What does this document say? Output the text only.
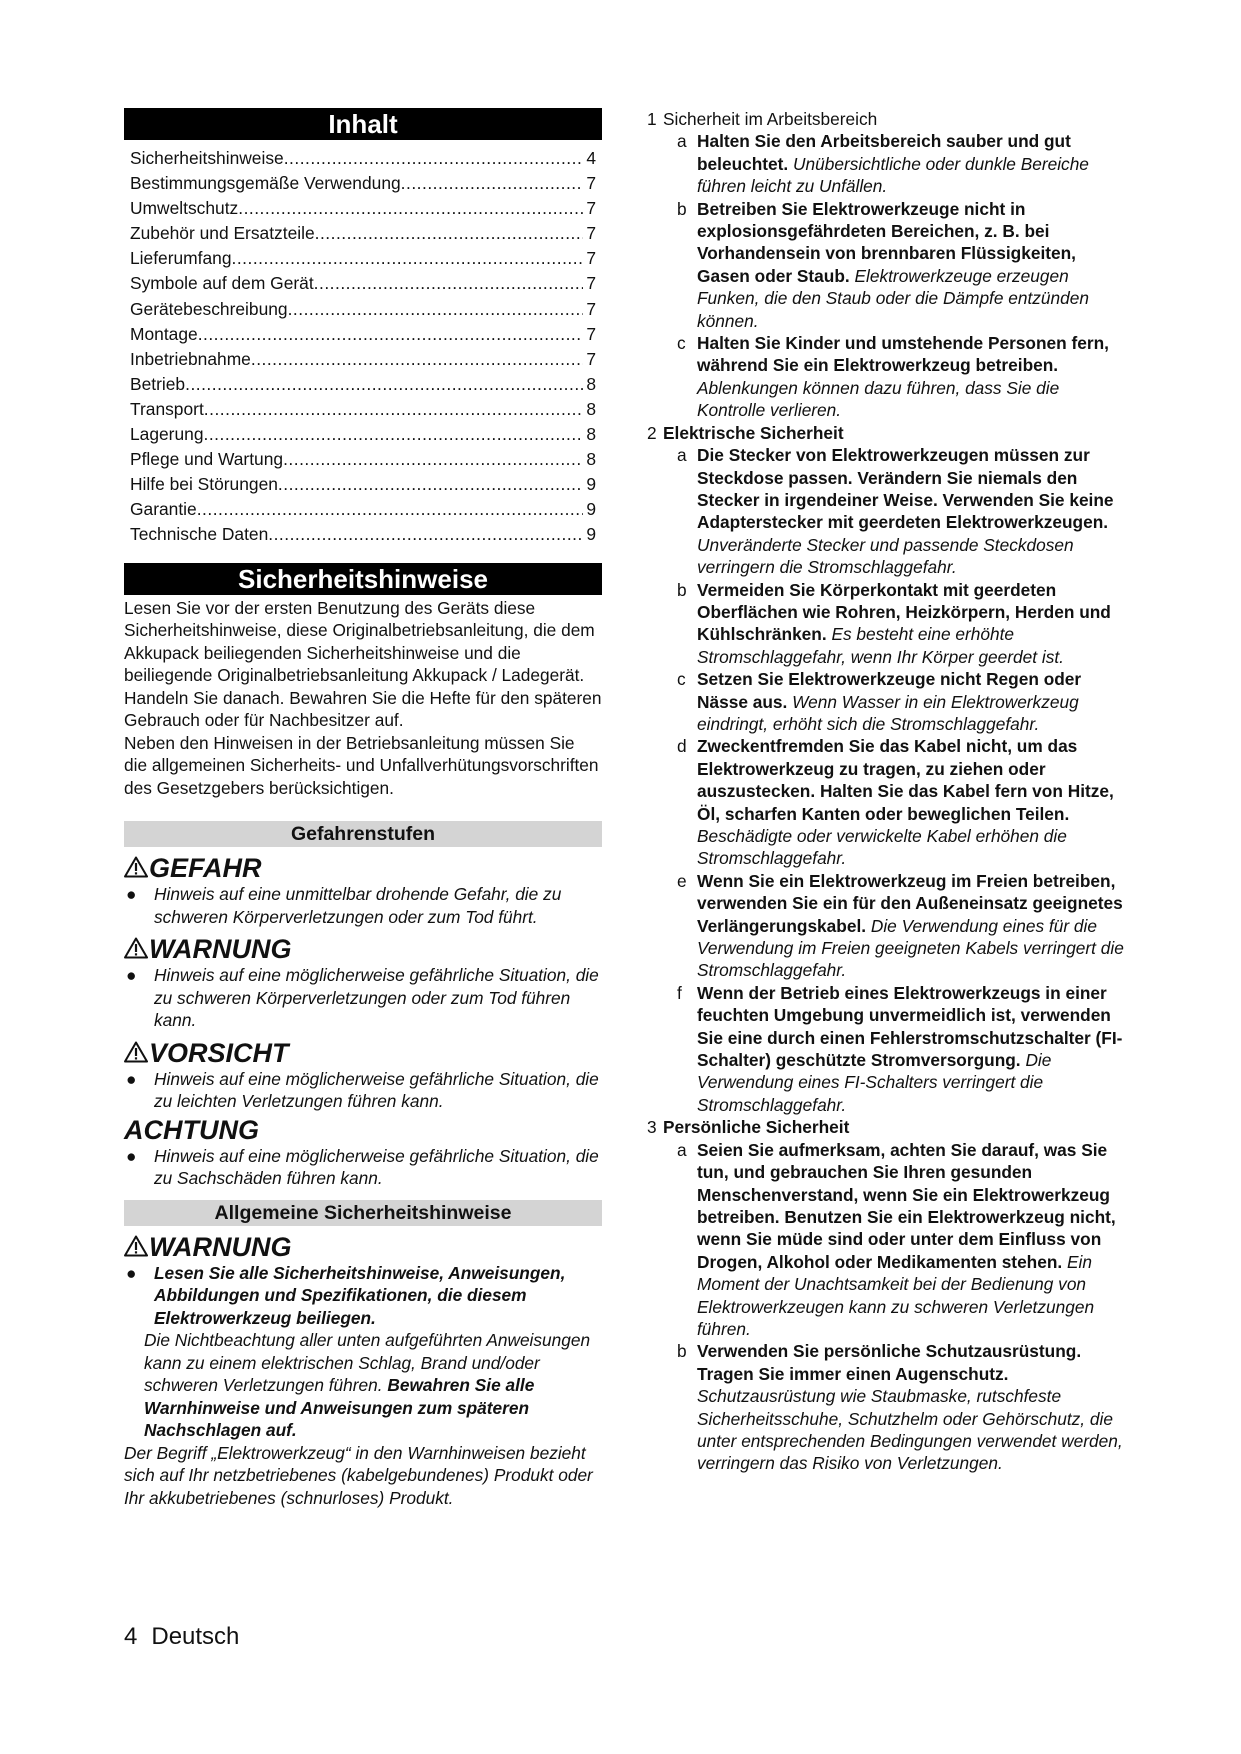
Inhalt
Sicherheitshinweise .....	4
Bestimmungsgemäße Verwendung .....	7
Umweltschutz .....	7
Zubehör und Ersatzteile .....	7
Lieferumfang .....	7
Symbole auf dem Gerät .....	7
Gerätebeschreibung .....	7
Montage .....	7
Inbetriebnahme .....	7
Betrieb .....	8
Transport .....	8
Lagerung .....	8
Pflege und Wartung .....	8
Hilfe bei Störungen .....	9
Garantie .....	9
Technische Daten .....	9
Sicherheitshinweise

Lesen Sie vor der ersten Benutzung des Geräts diese Sicherheitshinweise, diese Originalbetriebsanleitung, die dem Akkupack beiliegenden Sicherheitshinweise und die beiliegende Originalbetriebsanleitung Akkupack / Ladegerät. Handeln Sie danach. Bewahren Sie die Hefte für den späteren Gebrauch oder für Nachbesitzer auf.

Neben den Hinweisen in der Betriebsanleitung müssen Sie die allgemeinen Sicherheits- und Unfallverhütungsvorschriften des Gesetzgebers berücksichtigen.

Gefahrenstufen
GEFAHR
● Hinweis auf eine unmittelbar drohende Gefahr, die zu schweren Körperverletzungen oder zum Tod führt.
WARNUNG
● Hinweis auf eine möglicherweise gefährliche Situation, die zu schweren Körperverletzungen oder zum Tod führen kann.
VORSICHT
● Hinweis auf eine möglicherweise gefährliche Situation, die zu leichten Verletzungen führen kann.
ACHTUNG
● Hinweis auf eine möglicherweise gefährliche Situation, die zu Sachschäden führen kann.
Allgemeine Sicherheitshinweise
WARNUNG
● Lesen Sie alle Sicherheitshinweise, Anweisungen, Abbildungen und Spezifikationen, die diesem Elektrowerkzeug beiliegen.

Die Nichtbeachtung aller unten aufgeführten Anweisungen kann zu einem elektrischen Schlag, Brand und/oder schweren Verletzungen führen. Bewahren Sie alle Warnhinweise und Anweisungen zum späteren Nachschlagen auf.
Der Begriff „Elektrowerkzeug“ in den Warnhinweisen bezieht sich auf Ihr netzbetriebenes (kabelgebundenes) Produkt oder Ihr akkubetriebenes (schnurloses) Produkt.
1 Sicherheit im Arbeitsbereich
a Halten Sie den Arbeitsbereich sauber und gut beleuchtet. Unübersichtliche oder dunkle Bereiche führen leicht zu Unfällen.
b Betreiben Sie Elektrowerkzeuge nicht in explosionsgefährdeten Bereichen, z. B. bei Vorhandensein von brennbaren Flüssigkeiten, Gasen oder Staub. Elektrowerkzeuge erzeugen Funken, die den Staub oder die Dämpfe entzünden können.
c Halten Sie Kinder und umstehende Personen fern, während Sie ein Elektrowerkzeug betreiben. Ablenkungen können dazu führen, dass Sie die Kontrolle verlieren.
2 Elektrische Sicherheit
a Die Stecker von Elektrowerkzeugen müssen zur Steckdose passen. Verändern Sie niemals den Stecker in irgendeiner Weise. Verwenden Sie keine Adapterstecker mit geerdeten Elektrowerkzeugen. Unveränderte Stecker und passende Steckdosen verringern die Stromschlaggefahr.
b Vermeiden Sie Körperkontakt mit geerdeten Oberflächen wie Rohren, Heizkörpern, Herden und Kühlschränken. Es besteht eine erhöhte Stromschlaggefahr, wenn Ihr Körper geerdet ist.
c Setzen Sie Elektrowerkzeuge nicht Regen oder Nässe aus. Wenn Wasser in ein Elektrowerkzeug eindringt, erhöht sich die Stromschlaggefahr.
d Zweckentfremden Sie das Kabel nicht, um das Elektrowerkzeug zu tragen, zu ziehen oder auszustecken. Halten Sie das Kabel fern von Hitze, Öl, scharfen Kanten oder beweglichen Teilen. Beschädigte oder verwickelte Kabel erhöhen die Stromschlaggefahr.
e Wenn Sie ein Elektrowerkzeug im Freien betreiben, verwenden Sie ein für den Außeneinsatz geeignetes Verlängerungskabel. Die Verwendung eines für die Verwendung im Freien geeigneten Kabels verringert die Stromschlaggefahr.
f Wenn der Betrieb eines Elektrowerkzeugs in einer feuchten Umgebung unvermeidlich ist, verwenden Sie eine durch einen Fehlerstromschutzschalter (FI-Schalter) geschützte Stromversorgung. Die Verwendung eines FI-Schalters verringert die Stromschlaggefahr.
3 Persönliche Sicherheit
a Seien Sie aufmerksam, achten Sie darauf, was Sie tun, und gebrauchen Sie Ihren gesunden Menschenverstand, wenn Sie ein Elektrowerkzeug betreiben. Benutzen Sie ein Elektrowerkzeug nicht, wenn Sie müde sind oder unter dem Einfluss von Drogen, Alkohol oder Medikamenten stehen. Ein Moment der Unachtsamkeit bei der Bedienung von Elektrowerkzeugen kann zu schweren Verletzungen führen.
b Verwenden Sie persönliche Schutzausrüstung. Tragen Sie immer einen Augenschutz. Schutzausrüstung wie Staubmaske, rutschfeste Sicherheitsschuhe, Schutzhelm oder Gehörschutz, die unter entsprechenden Bedingungen verwendet werden, verringern das Risiko von Verletzungen.
4 Deutsch
